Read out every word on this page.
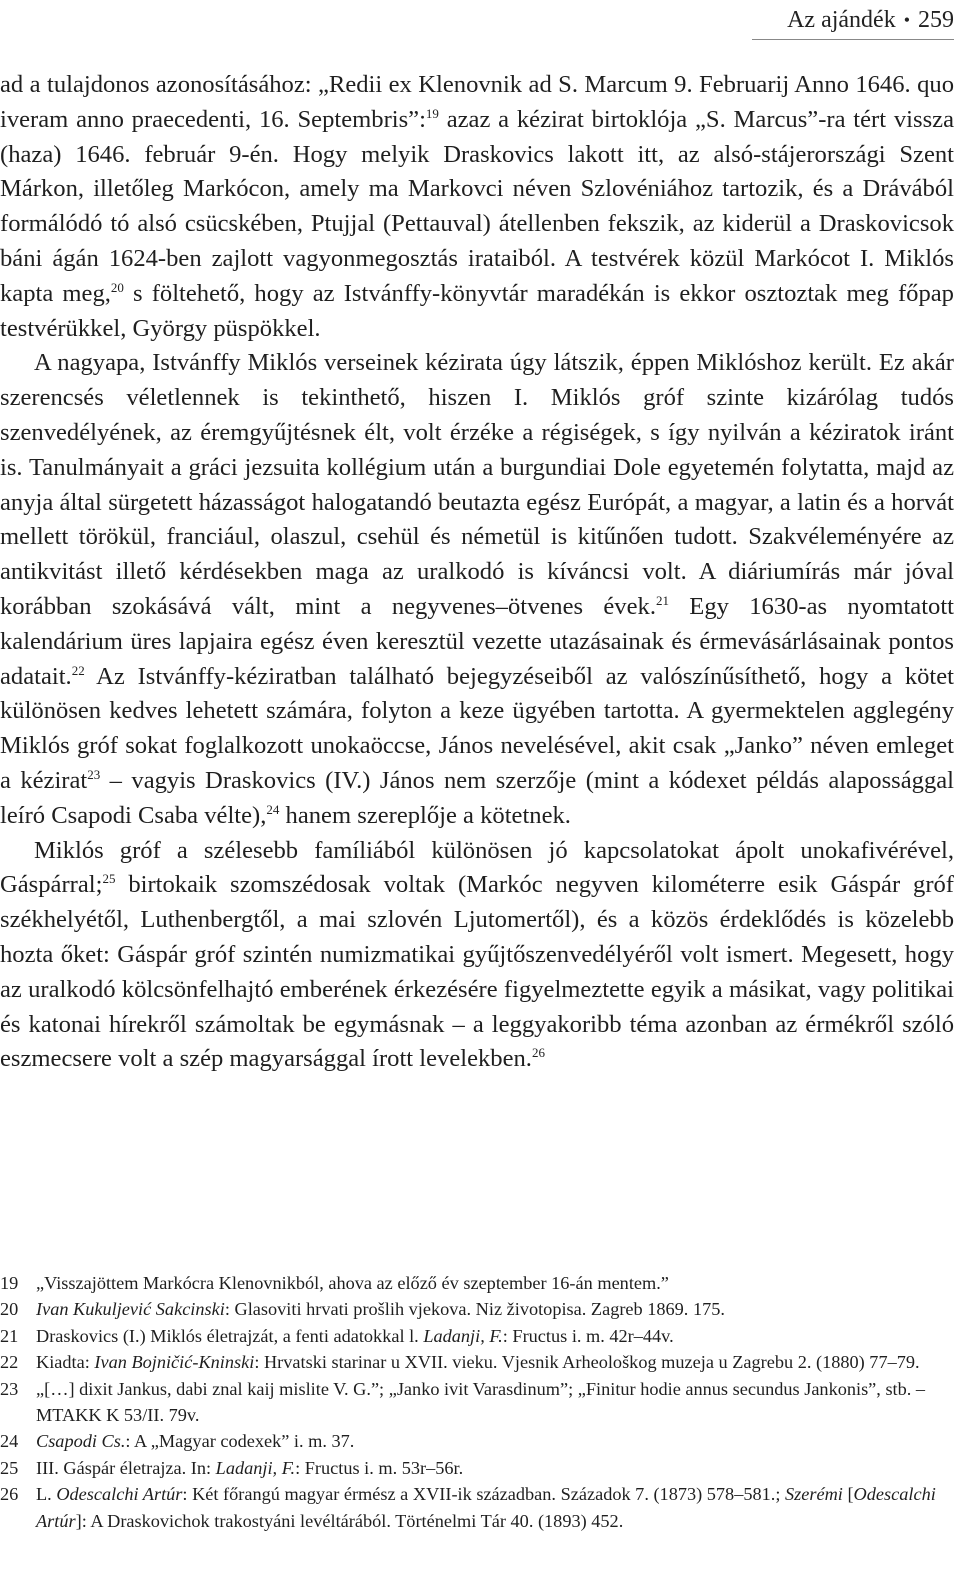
Az ajándék • 259

ad a tulajdonos azonosításához: „Redii ex Klenovnik ad S. Marcum 9. Februarij Anno 1646. quo iveram anno praecedenti, 16. Septembris”:$^{19}$ azaz a kézirat birtoklója „S. Marcus”-ra tért vissza (haza) 1646. február 9-én. Hogy melyik Draskovics lakott itt, az alsó-stájerországi Szent Márkon, illetőleg Markócon, amely ma Markovci néven Szlovéniához tartozik, és a Drávából formálódó tó alsó csücskében, Ptujjal (Pettauval) átellenben fekszik, az kiderül a Draskovicsok báni ágán 1624-ben zajlott vagyonmegosztás irataiból. A testvérek közül Markócot I. Miklós kapta meg,$^{20}$ s föltehető, hogy az Istvánffy-könyvtár maradékán is ekkor osztoztak meg főpap testvérükkel, György püspökkel.

A nagyapa, Istvánffy Miklós verseinek kézirata úgy látszik, éppen Miklóshoz került. Ez akár szerencsés véletlennek is tekinthető, hiszen I. Miklós gróf szinte kizárólag tudós szenvedélyének, az éremgyűjtésnek élt, volt érzéke a régiségek, s így nyilván a kéziratok iránt is. Tanulmányait a gráci jezsuita kollégium után a burgundiai Dole egyetemén folytatta, majd az anyja által sürgetett házasságot halogatandó beutazta egész Európát, a magyar, a latin és a horvát mellett törökül, franciául, olaszul, csehül és németül is kitűnően tudott. Szakvéleményére az antikvitást illető kérdésekben maga az uralkodó is kíváncsi volt. A diáriumírás már jóval korábban szokásává vált, mint a negyvenes–ötvenes évek.$^{21}$ Egy 1630-as nyomtatott kalendárium üres lapjaira egész éven keresztül vezette utazásainak és érmevásárlásainak pontos adatait.$^{22}$ Az Istvánffy-kéziratban található bejegyzéseiből az valószínűsíthető, hogy a kötet különösen kedves lehetett számára, folyton a keze ügyében tartotta. A gyermektelen agglegény Miklós gróf sokat foglalkozott unokaöccse, János nevelésével, akit csak „Janko” néven emleget a kézirat$^{23}$ – vagyis Draskovics (IV.) János nem szerzője (mint a kódexet példás alapossággal leíró Csapodi Csaba vélte),$^{24}$ hanem szereplője a kötetnek.

Miklós gróf a szélesebb famíliából különösen jó kapcsolatokat ápolt unokafivérével, Gáspárral;$^{25}$ birtokaik szomszédosak voltak (Markóc negyven kilométerre esik Gáspár gróf székhelyétől, Luthenbergtől, a mai szlovén Ljutomertől), és a közös érdeklődés is közelebb hozta őket: Gáspár gróf szintén numizmatikai gyűjtőszenvedélyéről volt ismert. Megesett, hogy az uralkodó kölcsönfelhajtó emberének érkezésére figyelmeztette egyik a másikat, vagy politikai és katonai hírekről számoltak be egymásnak – a leggyakoribb téma azonban az érmékről szóló eszmecsere volt a szép magyarsággal írott levelekben.$^{26}$

19 „Visszajöttem Markócra Klenovnikból, ahova az előző év szeptember 16-án mentem.”
20 Ivan Kukuljević Sakcinski: Glasoviti hrvati prošlih vjekova. Niz životopisa. Zagreb 1869. 175.
21 Draskovics (I.) Miklós életrajzát, a fenti adatokkal l. Ladanji, F.: Fructus i. m. 42r–44v.
22 Kiadta: Ivan Bojničić-Kninski: Hrvatski starinar u XVII. vieku. Vjesnik Arheološkog muzeja u Zagrebu 2. (1880) 77–79.
23 „[…] dixit Jankus, dabi znal kaij mislite V. G.”; „Janko ivit Varasdinum”; „Finitur hodie annus secundus Jankonis”, stb. – MTAKK K 53/II. 79v.
24 Csapodi Cs.: A „Magyar codexek” i. m. 37.
25 III. Gáspár életrajza. In: Ladanji, F.: Fructus i. m. 53r–56r.
26 L. Odescalchi Artúr: Két főrangú magyar érmész a XVII-ik században. Századok 7. (1873) 578–581.; Szerémi [Odescalchi Artúr]: A Draskovichok trakostyáni levéltárából. Történelmi Tár 40. (1893) 452.
